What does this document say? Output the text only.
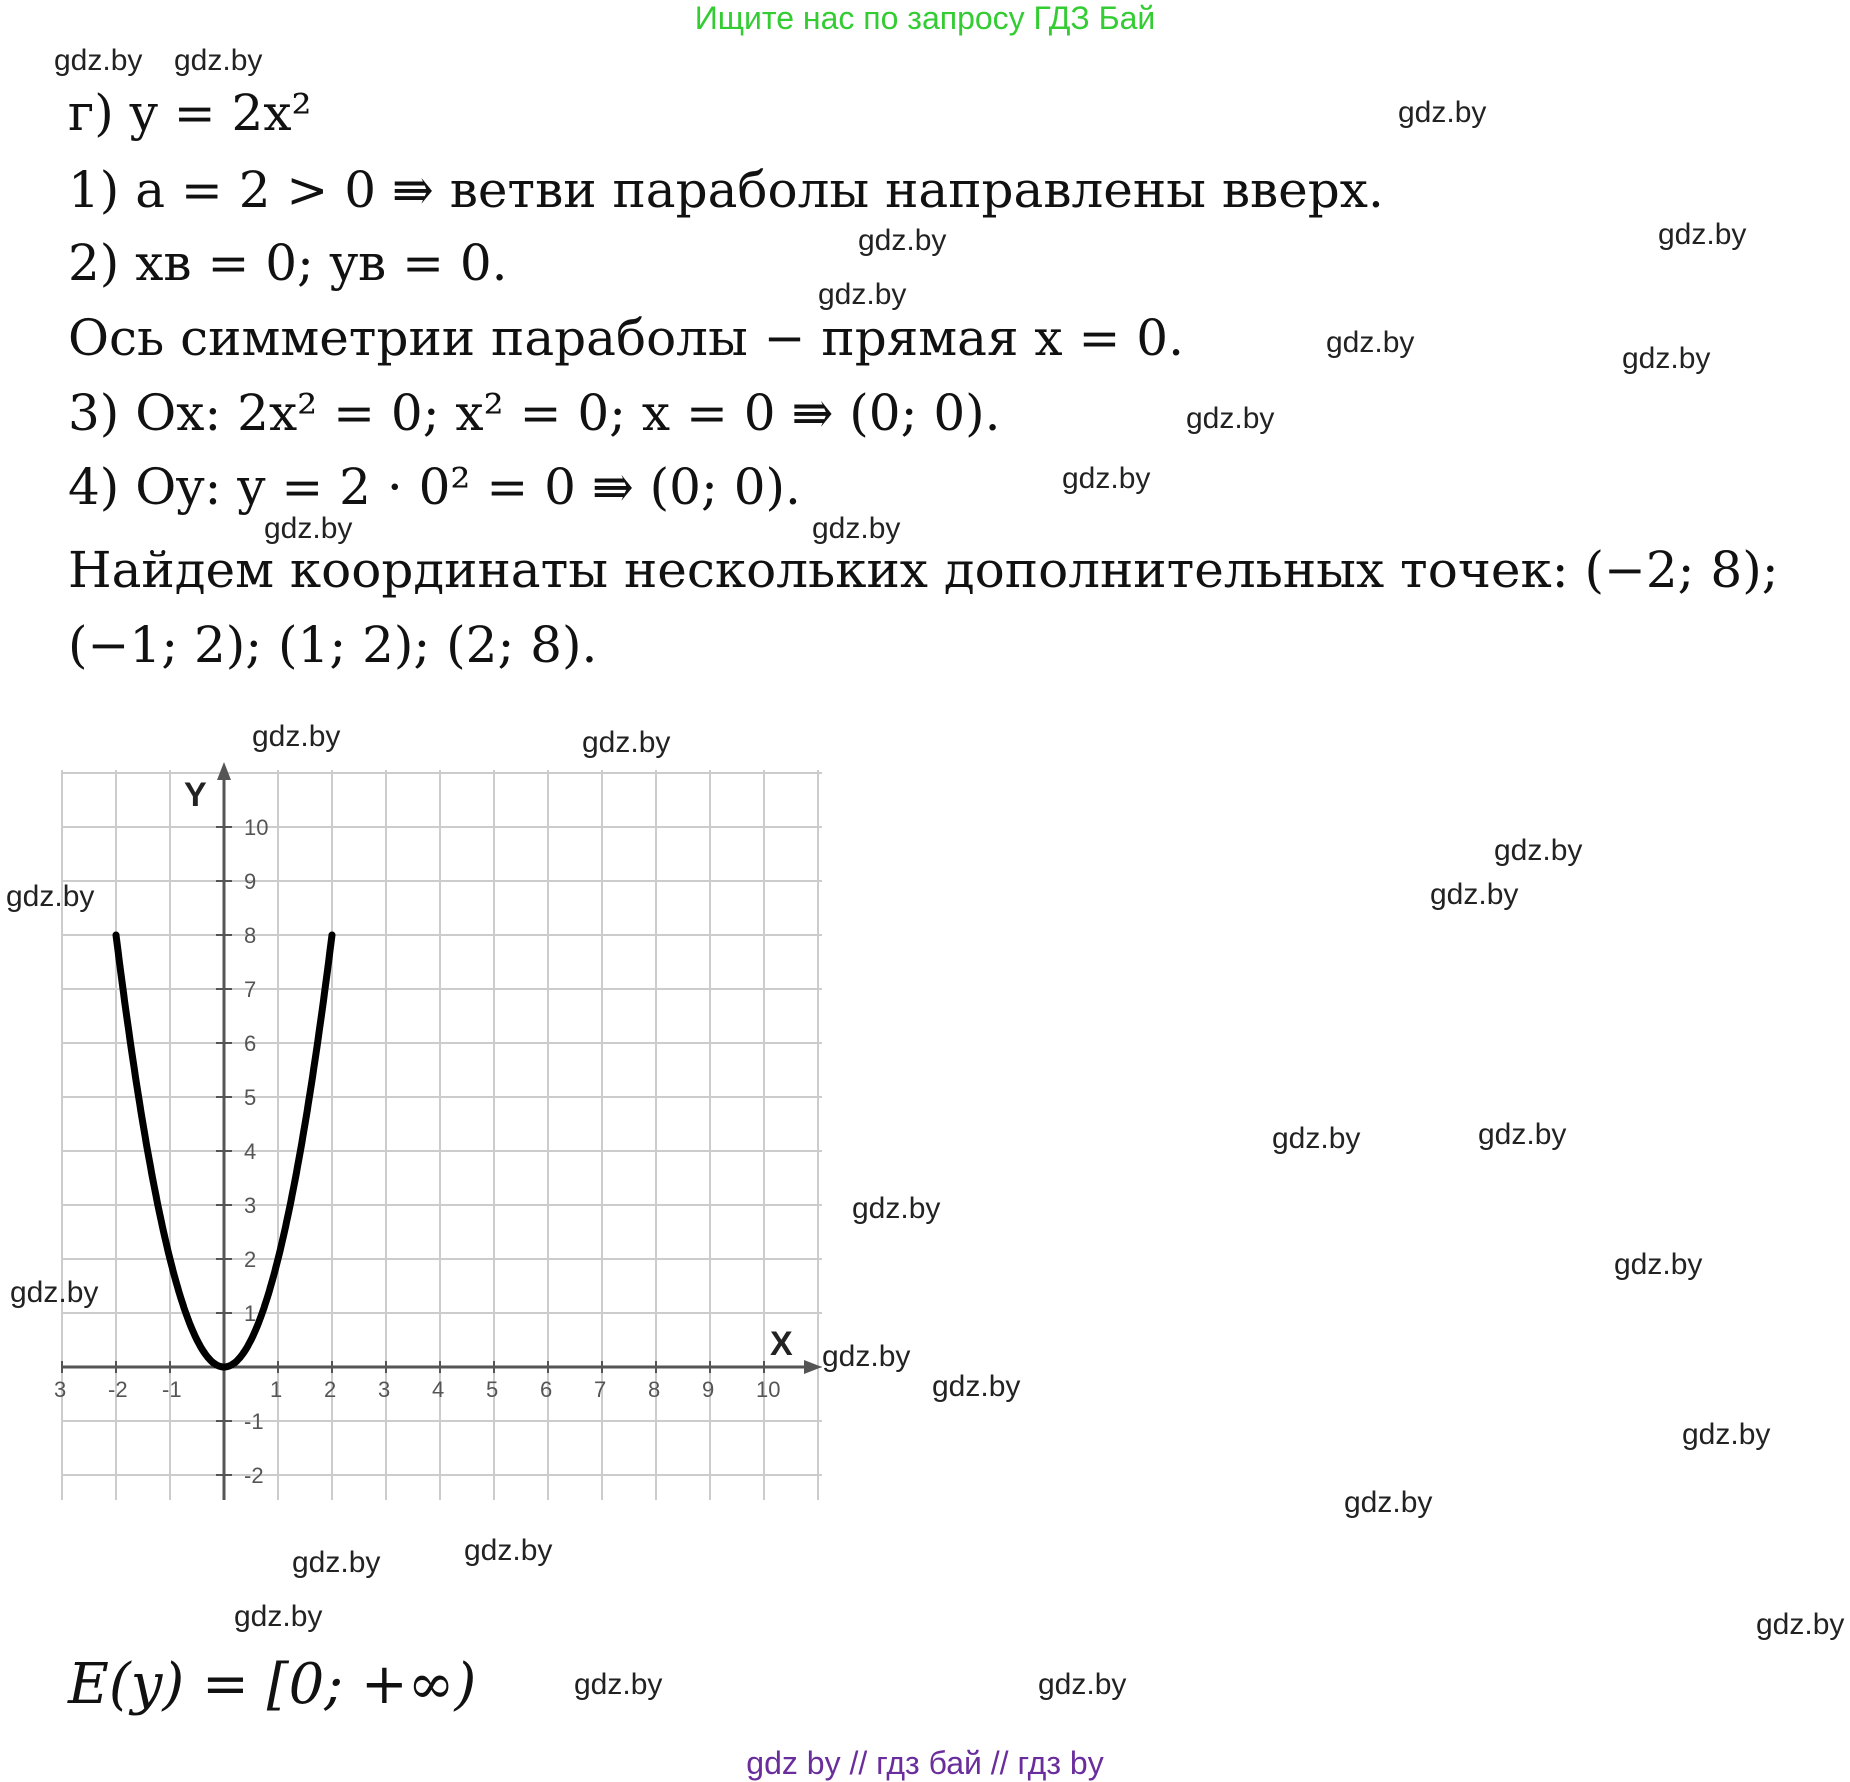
Ищите нас по запросу ГДЗ Бай
г) y = 2x²
1) a = 2 > 0 ⇛ ветви параболы направлены вверх.
2) xв = 0; yв = 0.
Ось симметрии параболы − прямая x = 0.
3) Ox: 2x² = 0; x² = 0; x = 0 ⇛ (0; 0).
4) Oy: y = 2 · 0² = 0 ⇛ (0; 0).
Найдем координаты нескольких дополнительных точек: (−2; 8);
(−1; 2); (1; 2); (2; 8).
X
Y
3 -2 -1	1 2 3 4 5 6 7 8 9 10
-2
-1
1
2
3
4
5
6
7
8
9
10
E(y) = [0; +∞)
gdz.by gdz.by
gdz.by
gdz.by
gdz.by
gdz.by
gdz.by	gdz.by
gdz.by
gdz.by
gdz.by	gdz.by
gdz.by	gdz.by
gdz.by
gdz.by	gdz.by
gdz.by	gdz.by
gdz.by
gdz.by
gdz.by
gdz.by
gdz.by
gdz.by
gdz.by
gdz.by	gdz.by
gdz.by	gdz.by
gdz.by	gdz.by
gdz by // гдз бай // гдз by
